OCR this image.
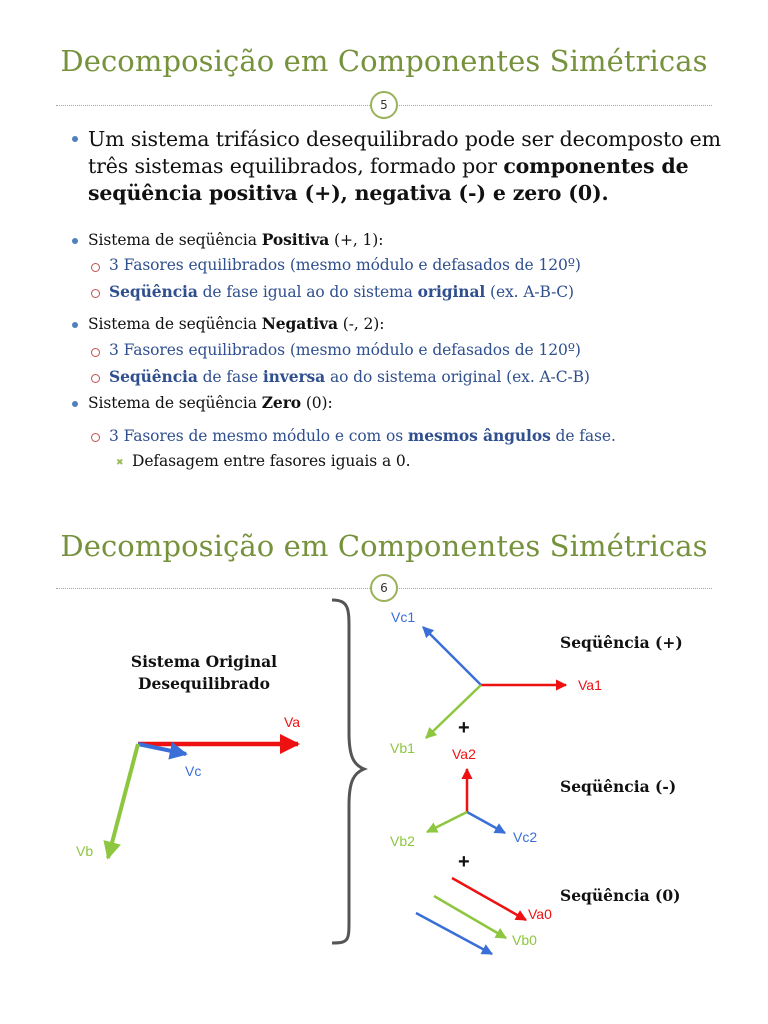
Decomposição em Componentes Simétricas
5
Um sistema trifásico desequilibrado pode ser decomposto em três sistemas equilibrados, formado por componentes de seqüência positiva (+), negativa (-) e zero (0).
Sistema de seqüência Positiva (+, 1):
3 Fasores equilibrados (mesmo módulo e defasados de 120º)
Seqüência de fase igual ao do sistema original (ex. A-B-C)
Sistema de seqüência Negativa (-, 2):
3 Fasores equilibrados (mesmo módulo e defasados de 120º)
Seqüência de fase inversa ao do sistema original (ex. A-C-B)
Sistema de seqüência Zero (0):
3 Fasores de mesmo módulo e com os mesmos ângulos de fase.
✖ Defasagem entre fasores iguais a 0.
Decomposição em Componentes Simétricas
6
Sistema Original
Desequilibrado
Va
Vc
Vb
Vc1
Va1
Vb1
Seqüência (+)
+
Va2
Vc2
Vb2
Seqüência (-)
+
Va0
Vb0
Seqüência (0)
